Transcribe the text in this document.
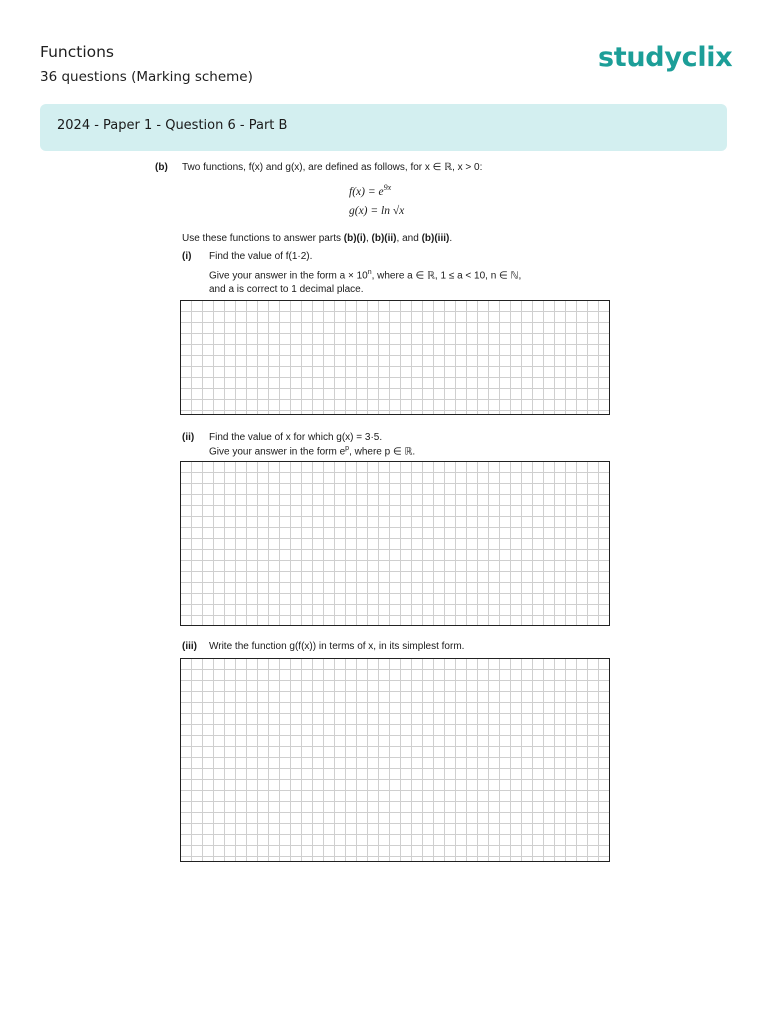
Functions
36 questions (Marking scheme)
studyclix
2024 - Paper 1 - Question 6 - Part B
(b) Two functions, f(x) and g(x), are defined as follows, for x ∈ ℝ, x > 0:
$f(x) = e^{9x}$
g(x) = ln √x
Use these functions to answer parts (b)(i), (b)(ii), and (b)(iii).
(i) Find the value of f(1·2).
Give your answer in the form $a \times 10^n$, where a ∈ ℝ, 1 ≤ a < 10, n ∈ ℕ,
and a is correct to 1 decimal place.
(ii) Find the value of x for which g(x) = 3·5.
Give your answer in the form $e^p$, where p ∈ ℝ.
(iii) Write the function g(f(x)) in terms of x, in its simplest form.
